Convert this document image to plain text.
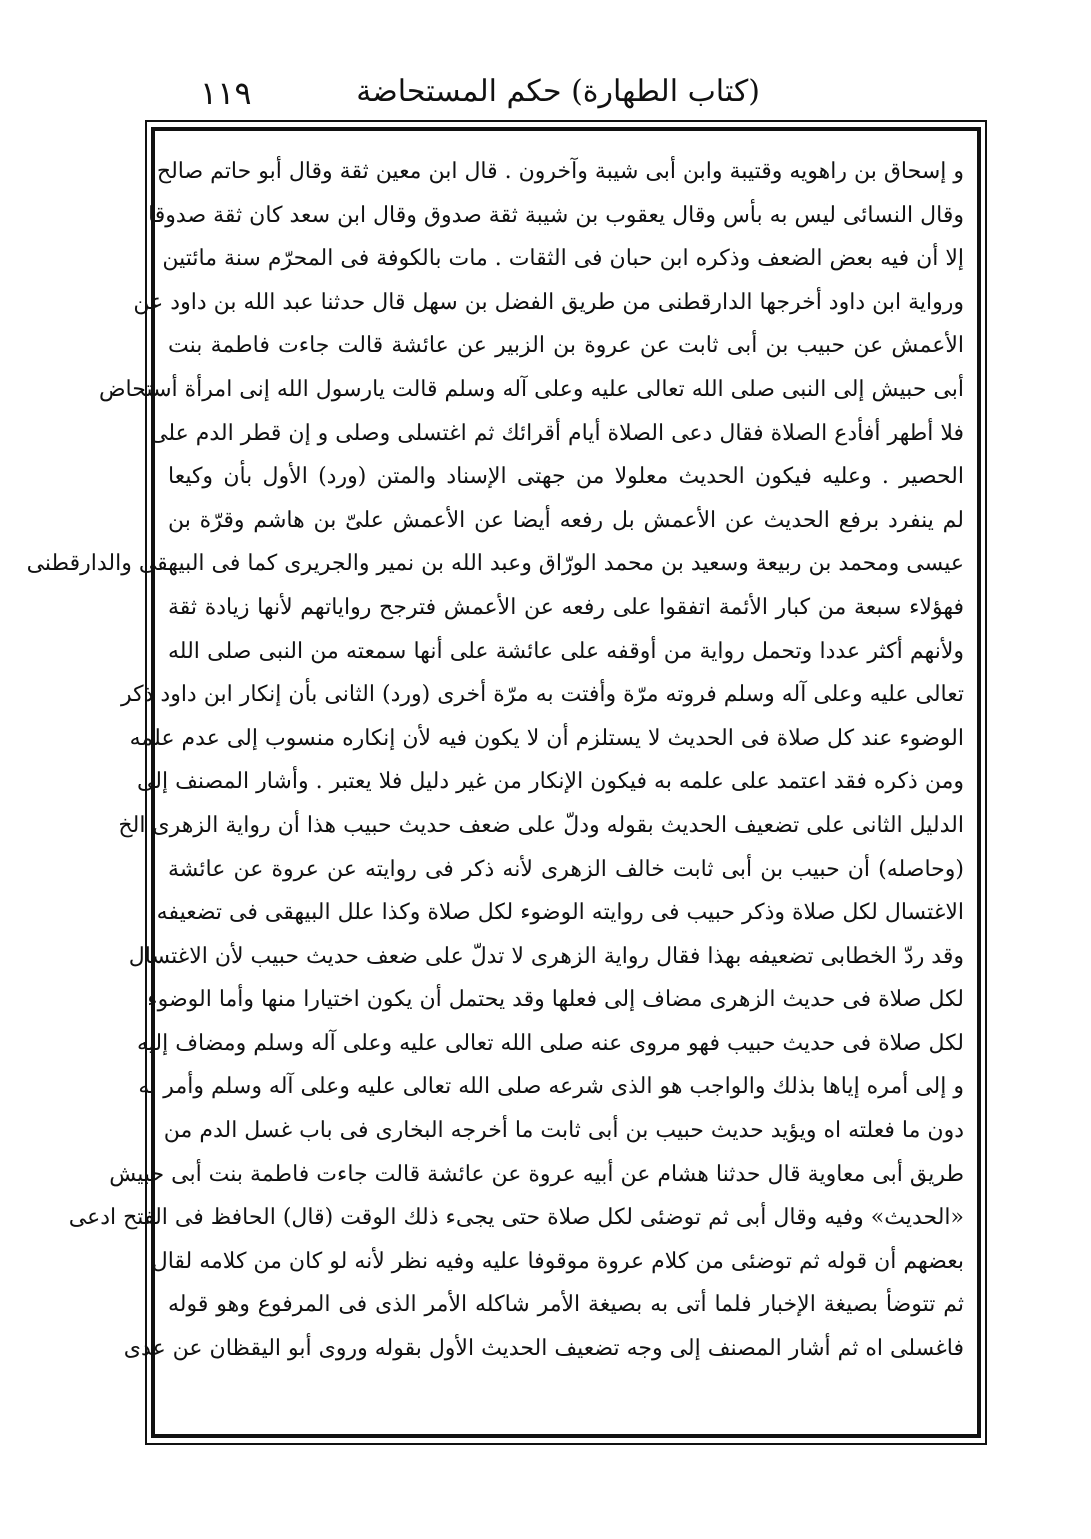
(كتاب الطهارة) حكم المستحاضة
١١٩
و إسحاق بن راهويه وقتيبة وابن أبى شيبة وآخرون . قال ابن معين ثقة وقال أبو حاتم صالح
وقال النسائى ليس به بأس وقال يعقوب بن شيبة ثقة صدوق وقال ابن سعد كان ثقة صدوقا
إلا أن فيه بعض الضعف وذكره ابن حبان فى الثقات . مات بالكوفة فى المحرّم سنة مائتين
ورواية ابن داود أخرجها الدارقطنى من طريق الفضل بن سهل قال حدثنا عبد الله بن داود عن
الأعمش عن حبيب بن أبى ثابت عن عروة بن الزبير عن عائشة قالت جاءت فاطمة بنت
أبى حبيش إلى النبى صلى الله تعالى عليه وعلى آله وسلم قالت يارسول الله إنى امرأة أستحاض
فلا أطهر أفأدع الصلاة فقال دعى الصلاة أيام أقرائك ثم اغتسلى وصلى و إن قطر الدم على
الحصير . وعليه فيكون الحديث معلولا من جهتى الإسناد والمتن (ورد) الأول بأن وكيعا
لم ينفرد برفع الحديث عن الأعمش بل رفعه أيضا عن الأعمش علىّ بن هاشم وقرّة بن
عيسى ومحمد بن ربيعة وسعيد بن محمد الورّاق وعبد الله بن نمير والجريرى كما فى البيهقى والدارقطنى
فهؤلاء سبعة من كبار الأئمة اتفقوا على رفعه عن الأعمش فترجح رواياتهم لأنها زيادة ثقة
ولأنهم أكثر عددا وتحمل رواية من أوقفه على عائشة على أنها سمعته من النبى صلى الله
تعالى عليه وعلى آله وسلم فروته مرّة وأفتت به مرّة أخرى (ورد) الثانى بأن إنكار ابن داود ذكر
الوضوء عند كل صلاة فى الحديث لا يستلزم أن لا يكون فيه لأن إنكاره منسوب إلى عدم علمه
ومن ذكره فقد اعتمد على علمه به فيكون الإنكار من غير دليل فلا يعتبر . وأشار المصنف إلى
الدليل الثانى على تضعيف الحديث بقوله ودلّ على ضعف حديث حبيب هذا أن رواية الزهرى الخ
(وحاصله) أن حبيب بن أبى ثابت خالف الزهرى لأنه ذكر فى روايته عن عروة عن عائشة
الاغتسال لكل صلاة وذكر حبيب فى روايته الوضوء لكل صلاة وكذا علل البيهقى فى تضعيفه
وقد ردّ الخطابى تضعيفه بهذا فقال رواية الزهرى لا تدلّ على ضعف حديث حبيب لأن الاغتسال
لكل صلاة فى حديث الزهرى مضاف إلى فعلها وقد يحتمل أن يكون اختيارا منها وأما الوضوء
لكل صلاة فى حديث حبيب فهو مروى عنه صلى الله تعالى عليه وعلى آله وسلم ومضاف إليه
و إلى أمره إياها بذلك والواجب هو الذى شرعه صلى الله تعالى عليه وعلى آله وسلم وأمر به
دون ما فعلته اه ويؤيد حديث حبيب بن أبى ثابت ما أخرجه البخارى فى باب غسل الدم من
طريق أبى معاوية قال حدثنا هشام عن أبيه عروة عن عائشة قالت جاءت فاطمة بنت أبى حبيش
«الحديث» وفيه وقال أبى ثم توضئى لكل صلاة حتى يجىء ذلك الوقت (قال) الحافظ فى الفتح ادعى
بعضهم أن قوله ثم توضئى من كلام عروة موقوفا عليه وفيه نظر لأنه لو كان من كلامه لقال
ثم تتوضأ بصيغة الإخبار فلما أتى به بصيغة الأمر شاكله الأمر الذى فى المرفوع وهو قوله
فاغسلى اه ثم أشار المصنف إلى وجه تضعيف الحديث الأول بقوله وروى أبو اليقظان عن عدى
